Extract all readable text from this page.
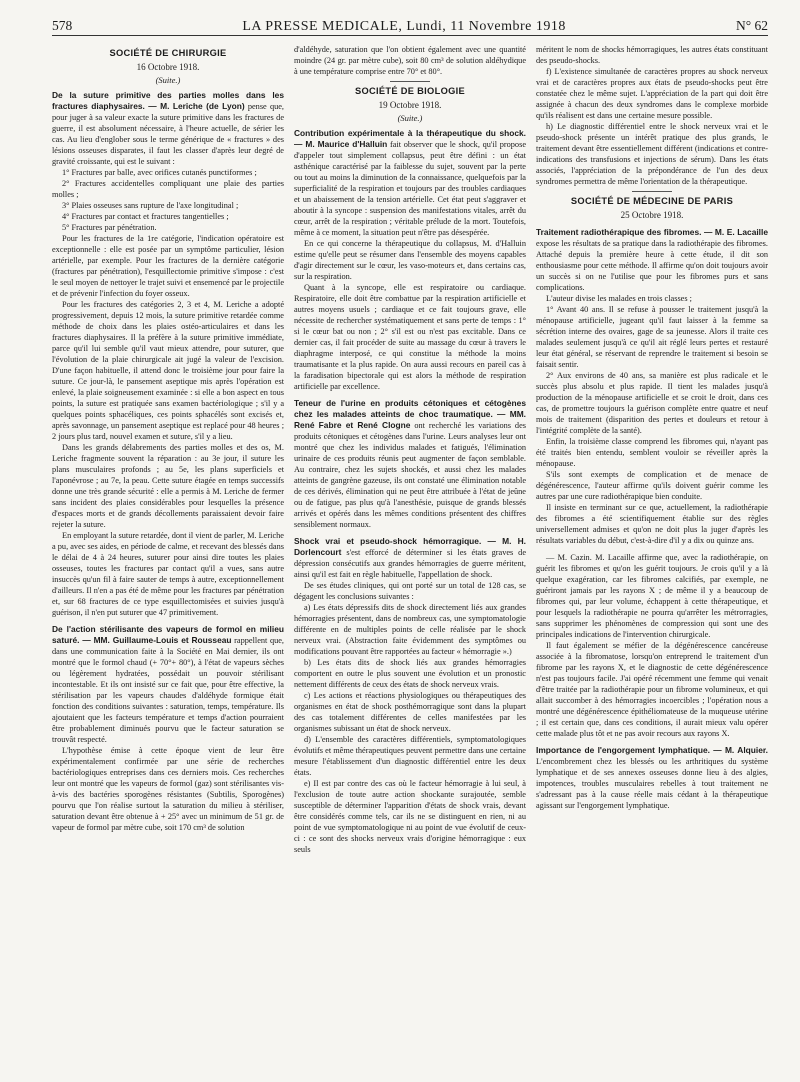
578	LA PRESSE MEDICALE, Lundi, 11 Novembre 1918	N° 62
SOCIÉTÉ DE CHIRURGIE
16 Octobre 1918.
(Suite.)

De la suture primitive des parties molles dans les fractures diaphysaires. — M. Leriche (de Lyon) pense que, pour juger à sa valeur exacte la suture primitive dans les fractures de guerre, il est absolument nécessaire, à l'heure actuelle, de sérier les cas. Au lieu d'englober sous le terme générique de « fractures » des lésions osseuses disparates, il faut les classer d'après leur degré de gravité croissante, qui est le suivant :

1° Fractures par balle, avec orifices cutanés punctiformes ;

2° Fractures accidentelles compliquant une plaie des parties molles ;

3° Plaies osseuses sans rupture de l'axe longitudinal ;

4° Fractures par contact et fractures tangentielles ;

5° Fractures par pénétration.

Pour les fractures de la 1re catégorie, l'indication opératoire est exceptionnelle : elle est posée par un symptôme particulier, lésion artérielle, par exemple. Pour les fractures de la dernière catégorie (fractures par pénétration), l'esquillectomie primitive s'impose : c'est le seul moyen de nettoyer le trajet suivi et ensemencé par le projectile et de prévenir l'infection du foyer osseux.

Pour les fractures des catégories 2, 3 et 4, M. Leriche a adopté progressivement, depuis 12 mois, la suture primitive retardée comme méthode de choix dans les plaies ostéo-articulaires et dans les fractures diaphysaires. Il la préfère à la suture primitive immédiate, parce qu'il lui semble qu'il vaut mieux attendre, pour suturer, que l'évolution de la plaie chirurgicale ait jugé la valeur de l'excision. D'une façon habituelle, il attend donc le troisième jour pour faire la suture. Ce jour-là, le pansement aseptique mis après l'opération est enlevé, la plaie soigneusement examinée : si elle a bon aspect en tous points, la suture est pratiquée sans examen bactériologique ; s'il y a quelques points sphacéliques, ces points sphacélés sont excisés et, après savonnage, un pansement aseptique est replacé pour 48 heures ; 2 jours plus tard, nouvel examen et suture, s'il y a lieu.

Dans les grands délabrements des parties molles et des os, M. Leriche fragmente souvent la réparation : au 3e jour, il suture les plans musculaires profonds ; au 5e, les plans superficiels et l'aponévrose ; au 7e, la peau. Cette suture étagée en temps successifs donne une très grande sécurité : elle a permis à M. Leriche de fermer sans incident des plaies considérables pour lesquelles la présence d'espaces morts et de grands décollements paraissaient devoir faire rejeter la suture.

En employant la suture retardée, dont il vient de parler, M. Leriche a pu, avec ses aides, en période de calme, et recevant des blessés dans le délai de 4 à 24 heures, suturer pour ainsi dire toutes les plaies osseuses, toutes les fractures par contact qu'il a vues, sans autre insuccès qu'un fil à faire sauter de temps à autre, exceptionnellement d'ailleurs. Il n'en a pas été de même pour les fractures par pénétration et, sur 68 fractures de ce type esquillectomisées et suivies jusqu'à guérison, il n'en put suturer que 47 primitivement.

De l'action stérilisante des vapeurs de formol en milieu saturé. — MM. Guillaume-Louis et Rousseau rappellent que, dans une communication faite à la Société en Mai dernier, ils ont montré que le formol chaud (+ 70°+ 80°), à l'état de vapeurs sèches ou légèrement hydratées, possédait un pouvoir stérilisant incontestable. Et ils ont insisté sur ce fait que, pour être effective, la stérilisation par les vapeurs chaudes d'aldéhyde formique était fonction des conditions suivantes : saturation, temps, température. Ils ajoutaient que les facteurs température et temps d'action pourraient être probablement diminués pourvu que le facteur saturation se trouvât respecté.

L'hypothèse émise à cette époque vient de leur être expérimentalement confirmée par une série de recherches bactériologiques entreprises dans ces derniers mois. Ces recherches leur ont montré que les vapeurs de formol (gaz) sont stérilisantes vis-à-vis des bactéries sporogènes résistantes (Subtilis, Sporogènes) pourvu que l'on réalise surtout la saturation du milieu à stériliser, saturation devant être obtenue à + 25° avec un minimum de 51 gr. de vapeur de formol par mètre cube, soit 170 cm³ de solution

d'aldéhyde, saturation que l'on obtient également avec une quantité moindre (24 gr. par mètre cube), soit 80 cm³ de solution aldéhydique à une température comprise entre 70° et 80°.

SOCIÉTÉ DE BIOLOGIE
19 Octobre 1918.
(Suite.)

Contribution expérimentale à la thérapeutique du shock. — M. Maurice d'Halluin fait observer que le shock, qu'il propose d'appeler tout simplement collapsus, peut être défini : un état asthénique caractérisé par la faiblesse du sujet, souvent par la perte ou tout au moins la diminution de la connaissance, quelquefois par la superficialité de la respiration et toujours par des troubles cardiaques et un abaissement de la tension artérielle. Cet état peut s'aggraver et aboutir à la syncope : suspension des manifestations vitales, arrêt du cœur, arrêt de la respiration ; véritable prélude de la mort. Toutefois, même à ce moment, la situation peut n'être pas désespérée.

En ce qui concerne la thérapeutique du collapsus, M. d'Halluin estime qu'elle peut se résumer dans l'ensemble des moyens capables d'agir directement sur le cœur, les vaso-moteurs et, dans certains cas, sur la respiration.

Quant à la syncope, elle est respiratoire ou cardiaque. Respiratoire, elle doit être combattue par la respiration artificielle et autres moyens usuels ; cardiaque et ce fait toujours grave, elle nécessite de rechercher systématiquement et sans perte de temps : 1° si le cœur bat ou non ; 2° s'il est ou n'est pas excitable. Dans ce dernier cas, il fait procéder de suite au massage du cœur à travers le diaphragme interposé, ce qui constitue la méthode la moins traumatisante et la plus rapide. On aura aussi recours en pareil cas à la faradisation bipectorale qui est alors la méthode de respiration artificielle par excellence.

Teneur de l'urine en produits cétoniques et cétogènes chez les malades atteints de choc traumatique. — MM. René Fabre et René Clogne ont recherché les variations des produits cétoniques et cétogènes dans l'urine. Leurs analyses leur ont montré que chez les individus malades et fatigués, l'élimination urinaire de ces produits réunis peut augmenter de façon semblable. Au contraire, chez les sujets shockés, et aussi chez les malades atteints de gangrène gazeuse, ils ont constaté une élimination notable de ces dérivés, élimination qui ne peut être attribuée à l'état de jeûne ou de fatigue, pas plus qu'à l'anesthésie, puisque de grands blessés arrivés et opérés dans les mêmes conditions présentent des chiffres sensiblement normaux.

Shock vrai et pseudo-shock hémorragique. — M. H. Dorlencourt s'est efforcé de déterminer si les états graves de dépression consécutifs aux grandes hémorragies de guerre méritent, ainsi qu'il est fait en règle habituelle, l'appellation de shock.

De ses études cliniques, qui ont porté sur un total de 128 cas, se dégagent les conclusions suivantes :

a) Les états dépressifs dits de shock directement liés aux grandes hémorragies présentent, dans de nombreux cas, une symptomatologie différente en de multiples points de celle réalisée par le shock nerveux vrai. (Abstraction faite évidemment des symptômes ou modifications pouvant être rapportées au facteur « hémorragie ».)

b) Les états dits de shock liés aux grandes hémorragies comportent en outre le plus souvent une évolution et un pronostic nettement différents de ceux des états de shock nerveux vrais.

c) Les actions et réactions physiologiques ou thérapeutiques des organismes en état de shock posthémorragique sont dans la plupart des cas totalement différentes de celles manifestées par les organismes subissant un état de shock nerveux.

d) L'ensemble des caractères différentiels, symptomatologiques évolutifs et même thérapeutiques peuvent permettre dans une certaine mesure l'établissement d'un diagnostic différentiel entre les deux états.

e) Il est par contre des cas où le facteur hémorragie à lui seul, à l'exclusion de toute autre action shockante surajoutée, semble susceptible de déterminer l'apparition d'états de shock vrais, devant être considérés comme tels, car ils ne se distinguent en rien, ni au point de vue symptomatologique ni au point de vue évolutif de ceux-ci : ce sont des shocks nerveux vrais d'origine hémorragique : eux seuls

méritent le nom de shocks hémorragiques, les autres états constituant des pseudo-shocks.

f) L'existence simultanée de caractères propres au shock nerveux vrai et de caractères propres aux états de pseudo-shocks peut être constatée chez le même sujet. L'appréciation de la part qui doit être assignée à chacun des deux syndromes dans le complexe morbide qu'ils réalisent est dans une certaine mesure possible.

h) Le diagnostic différentiel entre le shock nerveux vrai et le pseudo-shock présente un intérêt pratique des plus grands, le traitement devant être essentiellement différent (indications et contre-indications des transfusions et injections de sérum). Dans les états associés, l'appréciation de la prépondérance de l'un des deux syndromes permettra de même l'orientation de la thérapeutique.

SOCIÉTÉ DE MÉDECINE DE PARIS
25 Octobre 1918.

Traitement radiothérapique des fibromes. — M. E. Lacaille expose les résultats de sa pratique dans la radiothérapie des fibromes. Attaché depuis la première heure à cette étude, il dit son enthousiasme pour cette méthode. Il affirme qu'on doit toujours avoir un succès si on ne l'utilise que pour les fibromes purs et sans complications.

L'auteur divise les malades en trois classes ;

1° Avant 40 ans. Il se refuse à pousser le traitement jusqu'à la ménopause artificielle, jugeant qu'il faut laisser à la femme sa sécrétion interne des ovaires, gage de sa jeunesse. Alors il traite ces malades seulement jusqu'à ce qu'il ait réglé leurs pertes et restauré leur état général, se réservant de reprendre le traitement si besoin se faisait sentir.

2° Aux environs de 40 ans, sa manière est plus radicale et le succès plus absolu et plus rapide. Il tient les malades jusqu'à production de la ménopause artificielle et se croit le droit, dans ces cas, de promettre toujours la guérison complète entre quatre et neuf mois de traitement (disparition des pertes et douleurs et retour à l'intégrité complète de la santé).

Enfin, la troisième classe comprend les fibromes qui, n'ayant pas été traités bien entendu, semblent vouloir se réveiller après la ménopause.

S'ils sont exempts de complication et de menace de dégénérescence, l'auteur affirme qu'ils doivent guérir comme les autres par une cure radiothérapique bien conduite.

Il insiste en terminant sur ce que, actuellement, la radiothérapie des fibromes a été scientifiquement établie sur des règles universellement admises et qu'on ne doit plus la juger d'après les résultats variables du début, c'est-à-dire d'il y a dix ou quinze ans.

— M. Cazin. M. Lacaille affirme que, avec la radiothérapie, on guérit les fibromes et qu'on les guérit toujours. Je crois qu'il y a là quelque exagération, car les fibromes calcifiés, par exemple, ne guériront jamais par les rayons X ; de même il y a beaucoup de fibromes qui, par leur volume, échappent à cette thérapeutique, et pour lesquels la radiothérapie ne pourra qu'arrêter les métrorragies, sans supprimer les phénomènes de compression qui sont une des principales indications de l'intervention chirurgicale.

Il faut également se méfier de la dégénérescence cancéreuse associée à la fibromatose, lorsqu'on entreprend le traitement d'un fibrome par les rayons X, et le diagnostic de cette dégénérescence n'est pas toujours facile. J'ai opéré récemment une femme qui venait d'être traitée par la radiothérapie pour un fibrome volumineux, et qui allait succomber à des hémorragies incoercibles ; l'opération nous a montré une dégénérescence épithéliomateuse de la muqueuse utérine ; il est certain que, dans ces conditions, il aurait mieux valu opérer cette malade plus tôt et ne pas avoir recours aux rayons X.

Importance de l'engorgement lymphatique. — M. Alquier. L'encombrement chez les blessés ou les arthritiques du système lymphatique et de ses annexes osseuses donne lieu à des algies, impotences, troubles musculaires rebelles à tout traitement ne s'adressant pas à la cause réelle mais cédant à la thérapeutique agissant sur l'engorgement lymphatique.
